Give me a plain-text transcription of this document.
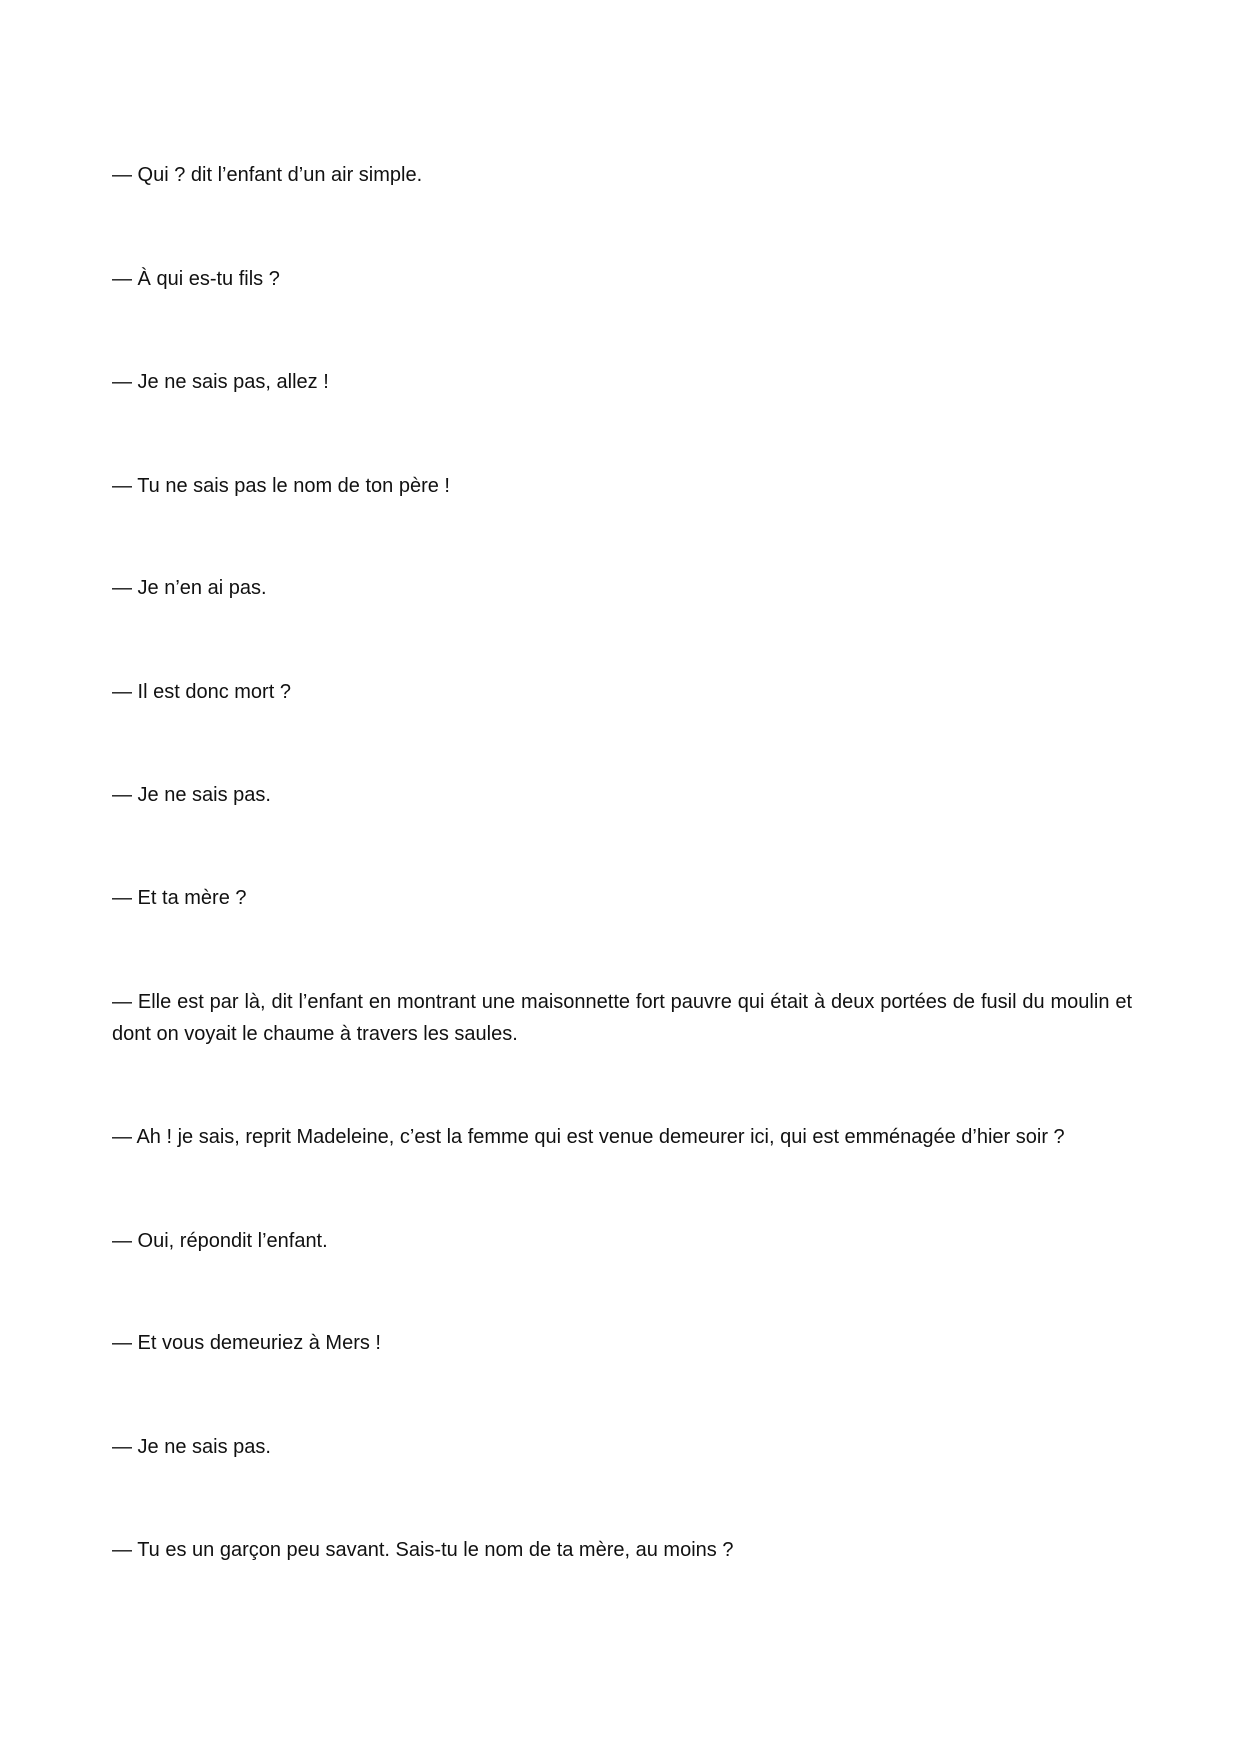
— Qui ? dit l’enfant d’un air simple.

— À qui es-tu fils ?

— Je ne sais pas, allez !

— Tu ne sais pas le nom de ton père !

— Je n’en ai pas.

— Il est donc mort ?

— Je ne sais pas.

— Et ta mère ?

— Elle est par là, dit l’enfant en montrant une maisonnette fort pauvre qui était à deux portées de fusil du moulin et dont on voyait le chaume à travers les saules.

— Ah ! je sais, reprit Madeleine, c’est la femme qui est venue demeurer ici, qui est emménagée d’hier soir ?

— Oui, répondit l’enfant.

— Et vous demeuriez à Mers !

— Je ne sais pas.

— Tu es un garçon peu savant. Sais-tu le nom de ta mère, au moins ?
